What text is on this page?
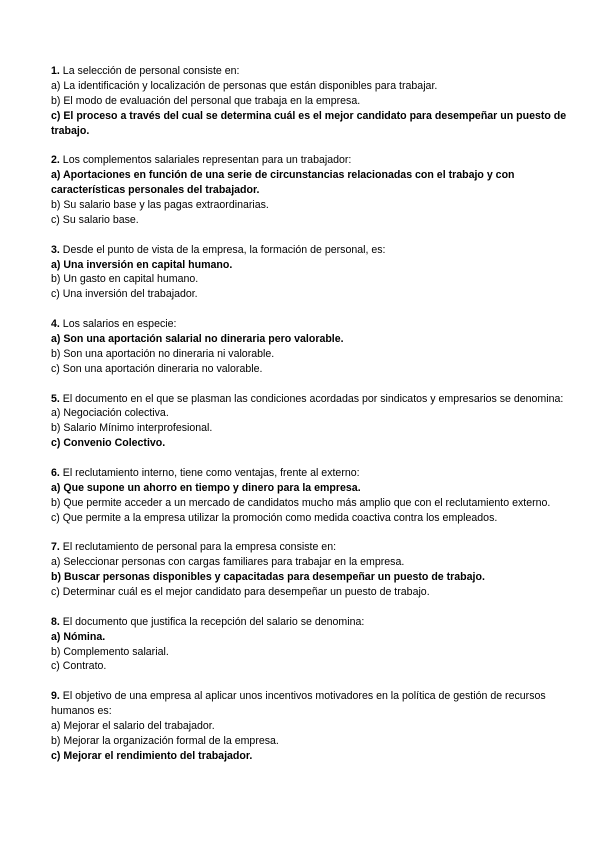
1. La selección de personal consiste en:
a) La identificación y localización de personas que están disponibles para trabajar.
b) El modo de evaluación del personal que trabaja en la empresa.
c) El proceso a través del cual se determina cuál es el mejor candidato para desempeñar un puesto de trabajo.
2. Los complementos salariales representan para un trabajador:
a) Aportaciones en función de una serie de circunstancias relacionadas con el trabajo y con características personales del trabajador.
b) Su salario base y las pagas extraordinarias.
c) Su salario base.
3. Desde el punto de vista de la empresa, la formación de personal, es:
a) Una inversión en capital humano.
b) Un gasto en capital humano.
c) Una inversión del trabajador.
4. Los salarios en especie:
a) Son una aportación salarial no dineraria pero valorable.
b) Son una aportación no dineraria ni valorable.
c) Son una aportación dineraria no valorable.
5. El documento en el que se plasman las condiciones acordadas por sindicatos y empresarios se denomina:
a) Negociación colectiva.
b) Salario Mínimo interprofesional.
c) Convenio Colectivo.
6. El reclutamiento interno, tiene como ventajas, frente al externo:
a) Que supone un ahorro en tiempo y dinero para la empresa.
b) Que permite acceder a un mercado de candidatos mucho más amplio que con el reclutamiento externo.
c) Que permite a la empresa utilizar la promoción como medida coactiva contra los empleados.
7. El reclutamiento de personal para la empresa consiste en:
a) Seleccionar personas con cargas familiares para trabajar en la empresa.
b) Buscar personas disponibles y capacitadas para desempeñar un puesto de trabajo.
c) Determinar cuál es el mejor candidato para desempeñar un puesto de trabajo.
8. El documento que justifica la recepción del salario se denomina:
a) Nómina.
b) Complemento salarial.
c) Contrato.
9. El objetivo de una empresa al aplicar unos incentivos motivadores en la política de gestión de recursos humanos es:
a) Mejorar el salario del trabajador.
b) Mejorar la organización formal de la empresa.
c) Mejorar el rendimiento del trabajador.
